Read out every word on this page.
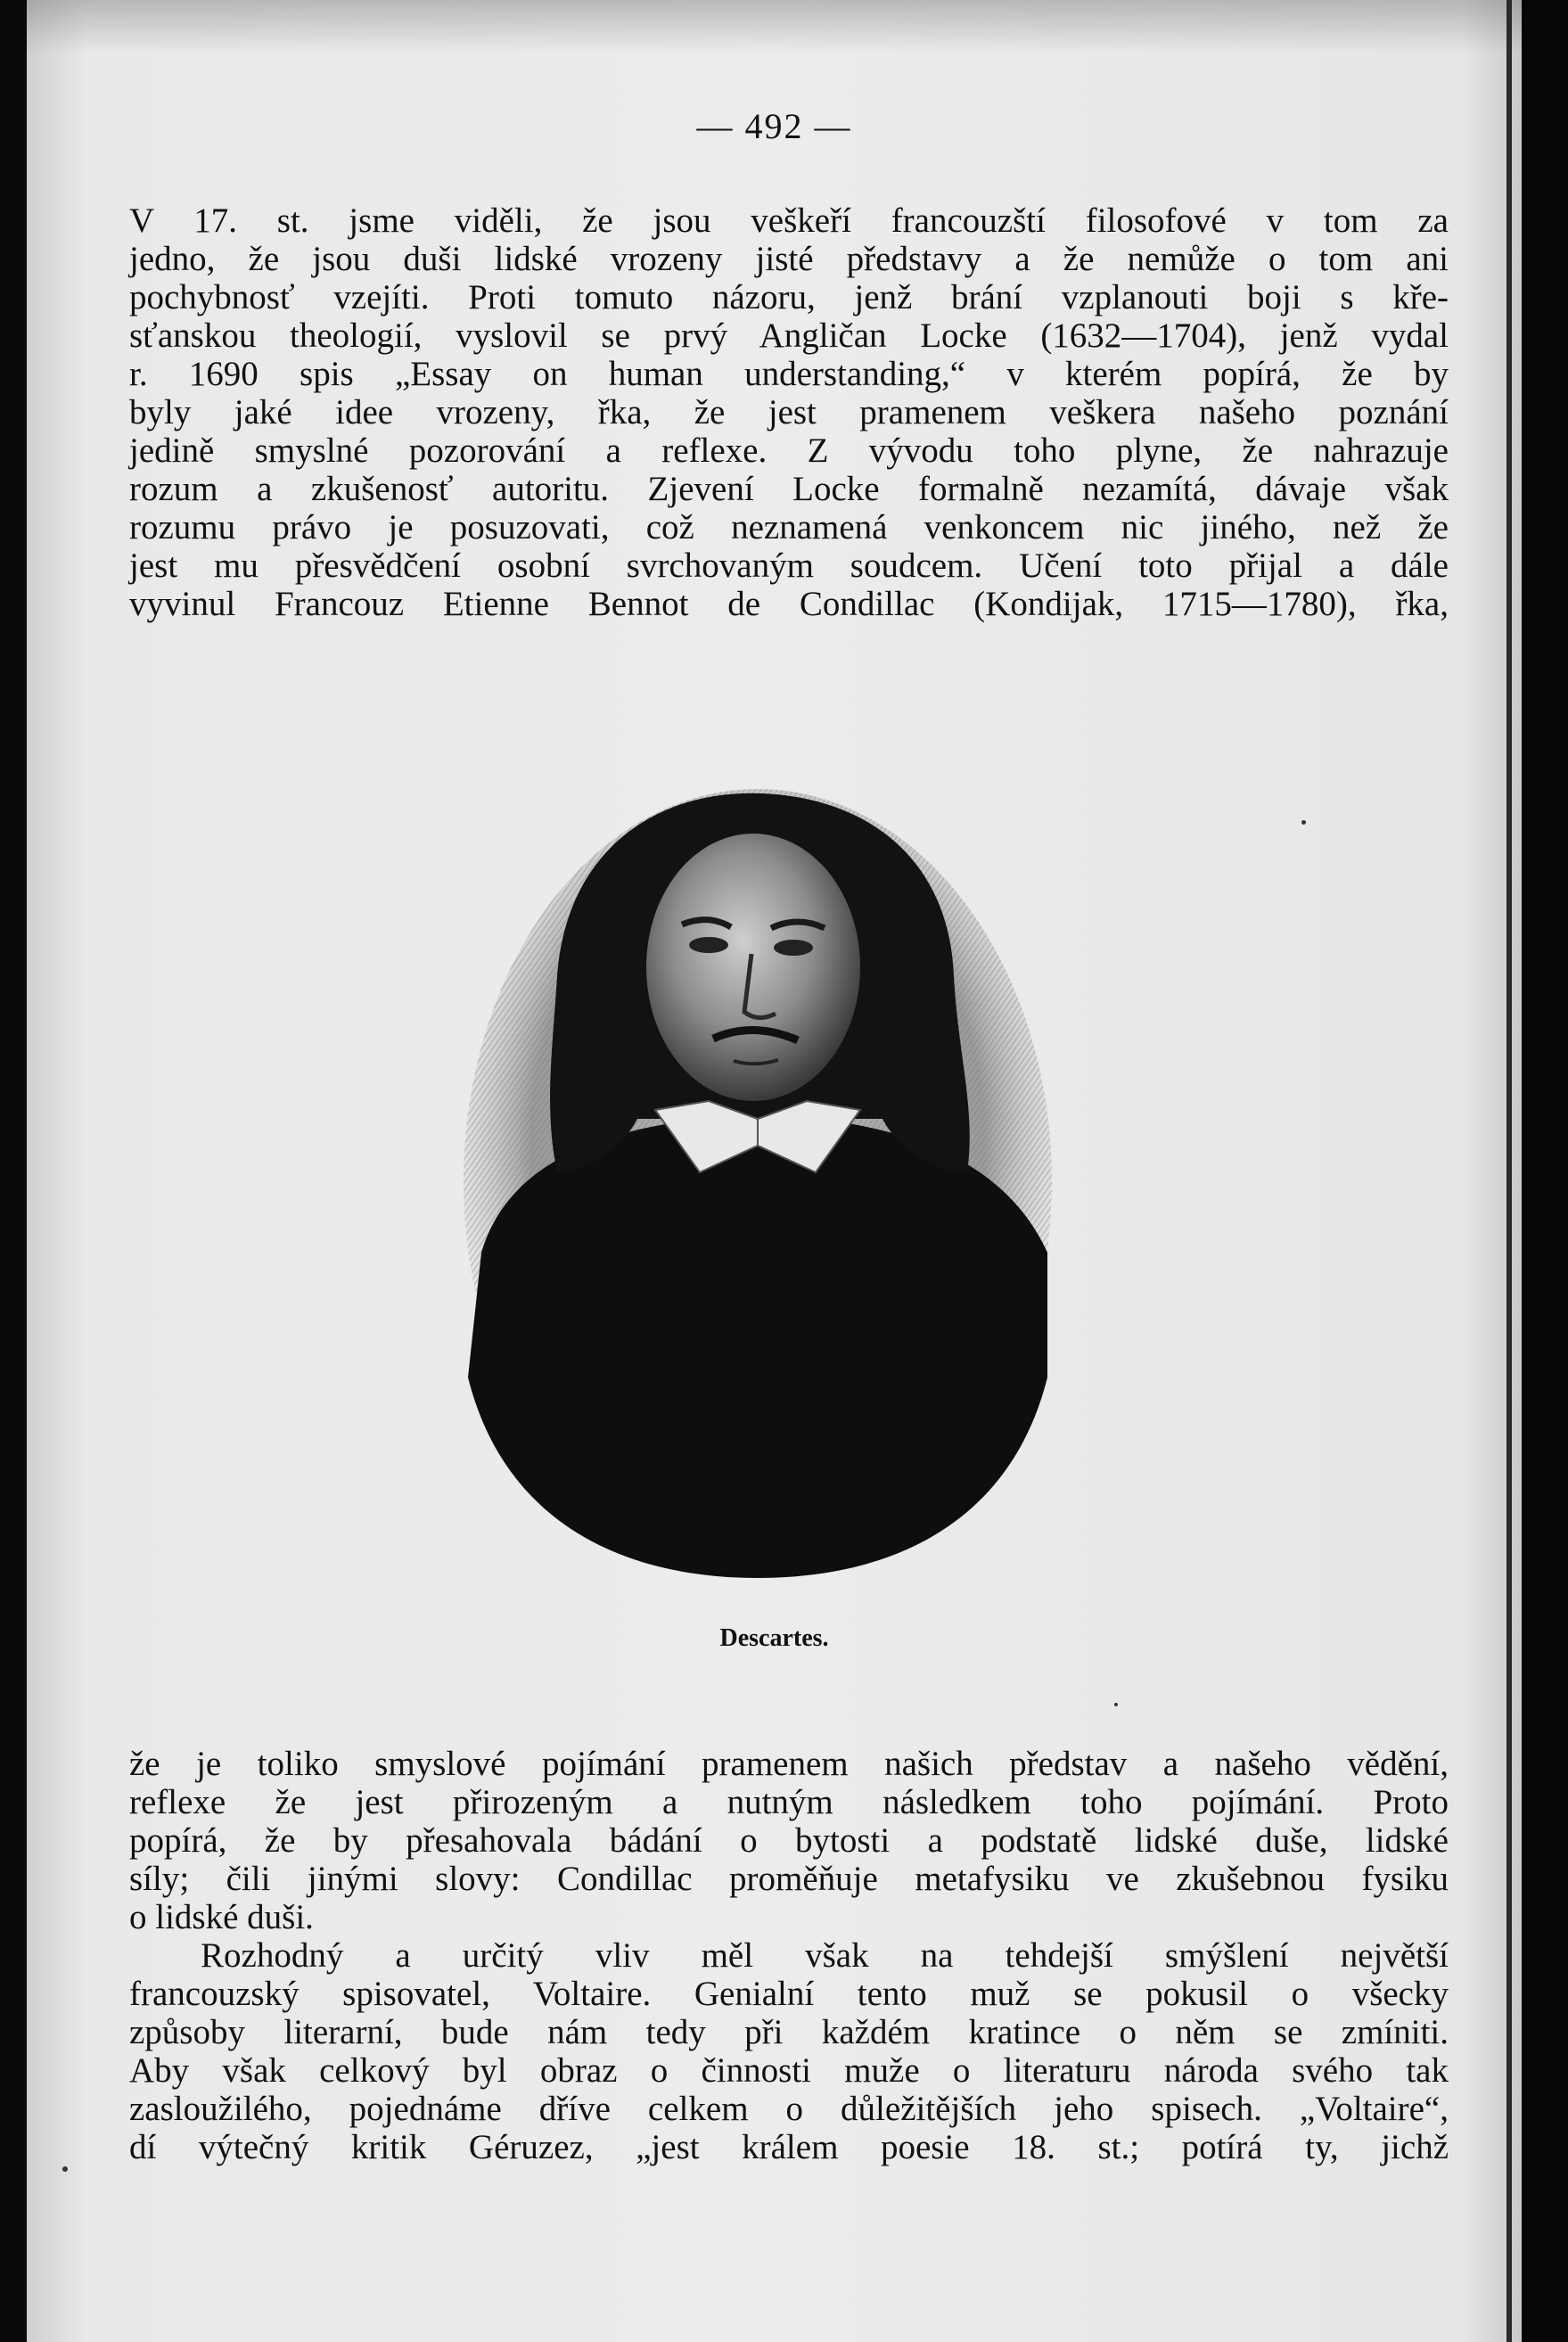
— 492 —
V 17. st. jsme viděli, že jsou veškeří francouzští filosofové v tom za
jedno, že jsou duši lidské vrozeny jisté představy a že nemůže o tom ani
pochybnosť vzejíti. Proti tomuto názoru, jenž brání vzplanouti boji s kře-
sťanskou theologií, vyslovil se prvý Angličan Locke (1632—1704), jenž vydal
r. 1690 spis „Essay on human understanding,“ v kterém popírá, že by
byly jaké idee vrozeny, řka, že jest pramenem veškera našeho poznání
jedině smyslné pozorování a reflexe. Z vývodu toho plyne, že nahrazuje
rozum a zkušenosť autoritu. Zjevení Locke formalně nezamítá, dávaje však
rozumu právo je posuzovati, což neznamená venkoncem nic jiného, než že
jest mu přesvědčení osobní svrchovaným soudcem. Učení toto přijal a dále
vyvinul Francouz Etienne Bennot de Condillac (Kondijak, 1715—1780), řka,
Descartes.
že je toliko smyslové pojímání pramenem našich představ a našeho vědění,
reflexe že jest přirozeným a nutným následkem toho pojímání. Proto
popírá, že by přesahovala bádání o bytosti a podstatě lidské duše, lidské
síly; čili jinými slovy: Condillac proměňuje metafysiku ve zkušebnou fysiku
o lidské duši.
Rozhodný a určitý vliv měl však na tehdejší smýšlení největší
francouzský spisovatel, Voltaire. Genialní tento muž se pokusil o všecky
způsoby literarní, bude nám tedy při každém kratince o něm se zmíniti.
Aby však celkový byl obraz o činnosti muže o literaturu národa svého tak
zasloužilého, pojednáme dříve celkem o důležitějších jeho spisech. „Voltaire“,
dí výtečný kritik Géruzez, „jest králem poesie 18. st.; potírá ty, jichž
